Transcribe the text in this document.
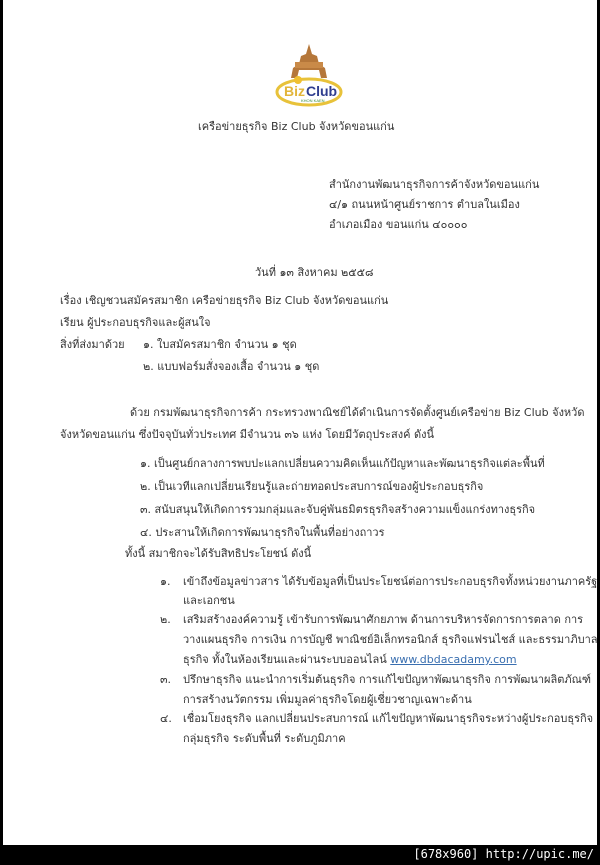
Biz Club
KHON KAEN
เครือข่ายธุรกิจ Biz Club จังหวัดขอนแก่น
สำนักงานพัฒนาธุรกิจการค้าจังหวัดขอนแก่น
๔/๑ ถนนหน้าศูนย์ราชการ ตำบลในเมือง
อำเภอเมือง ขอนแก่น ๔๐๐๐๐
วันที่ ๑๓ สิงหาคม ๒๕๕๘
เรื่อง เชิญชวนสมัครสมาชิก เครือข่ายธุรกิจ Biz Club จังหวัดขอนแก่น
เรียน ผู้ประกอบธุรกิจและผู้สนใจ
สิ่งที่ส่งมาด้วย ๑. ใบสมัครสมาชิก จำนวน ๑ ชุด
๒. แบบฟอร์มสั่งจองเสื้อ จำนวน ๑ ชุด
ด้วย กรมพัฒนาธุรกิจการค้า กระทรวงพาณิชย์ได้ดำเนินการจัดตั้งศูนย์เครือข่าย Biz Club จังหวัด
จังหวัดขอนแก่น ซึ่งปัจจุบันทั่วประเทศ มีจำนวน ๓๖ แห่ง โดยมีวัตถุประสงค์ ดังนี้
๑. เป็นศูนย์กลางการพบปะแลกเปลี่ยนความคิดเห็นแก้ปัญหาและพัฒนาธุรกิจแต่ละพื้นที่
๒. เป็นเวทีแลกเปลี่ยนเรียนรู้และถ่ายทอดประสบการณ์ของผู้ประกอบธุรกิจ
๓. สนับสนุนให้เกิดการรวมกลุ่มและจับคู่พันธมิตรธุรกิจสร้างความแข็งแกร่งทางธุรกิจ
๔. ประสานให้เกิดการพัฒนาธุรกิจในพื้นที่อย่างถาวร
ทั้งนี้ สมาชิกจะได้รับสิทธิประโยชน์ ดังนี้
๑. เข้าถึงข้อมูลข่าวสาร ได้รับข้อมูลที่เป็นประโยชน์ต่อการประกอบธุรกิจทั้งหน่วยงานภาครัฐ
และเอกชน
๒. เสริมสร้างองค์ความรู้ เข้ารับการพัฒนาศักยภาพ ด้านการบริหารจัดการการตลาด การ
วางแผนธุรกิจ การเงิน การบัญชี พาณิชย์อิเล็กทรอนิกส์ ธุรกิจแฟรนไชส์ และธรรมาภิบาล
ธุรกิจ ทั้งในห้องเรียนและผ่านระบบออนไลน์ www.dbdacadamy.com
๓. ปรึกษาธุรกิจ แนะนำการเริ่มต้นธุรกิจ การแก้ไขปัญหาพัฒนาธุรกิจ การพัฒนาผลิตภัณฑ์
การสร้างนวัตกรรม เพิ่มมูลค่าธุรกิจโดยผู้เชี่ยวชาญเฉพาะด้าน
๔. เชื่อมโยงธุรกิจ แลกเปลี่ยนประสบการณ์ แก้ไขปัญหาพัฒนาธุรกิจระหว่างผู้ประกอบธุรกิจ
กลุ่มธุรกิจ ระดับพื้นที่ ระดับภูมิภาค
[678x960] http://upic.me/
